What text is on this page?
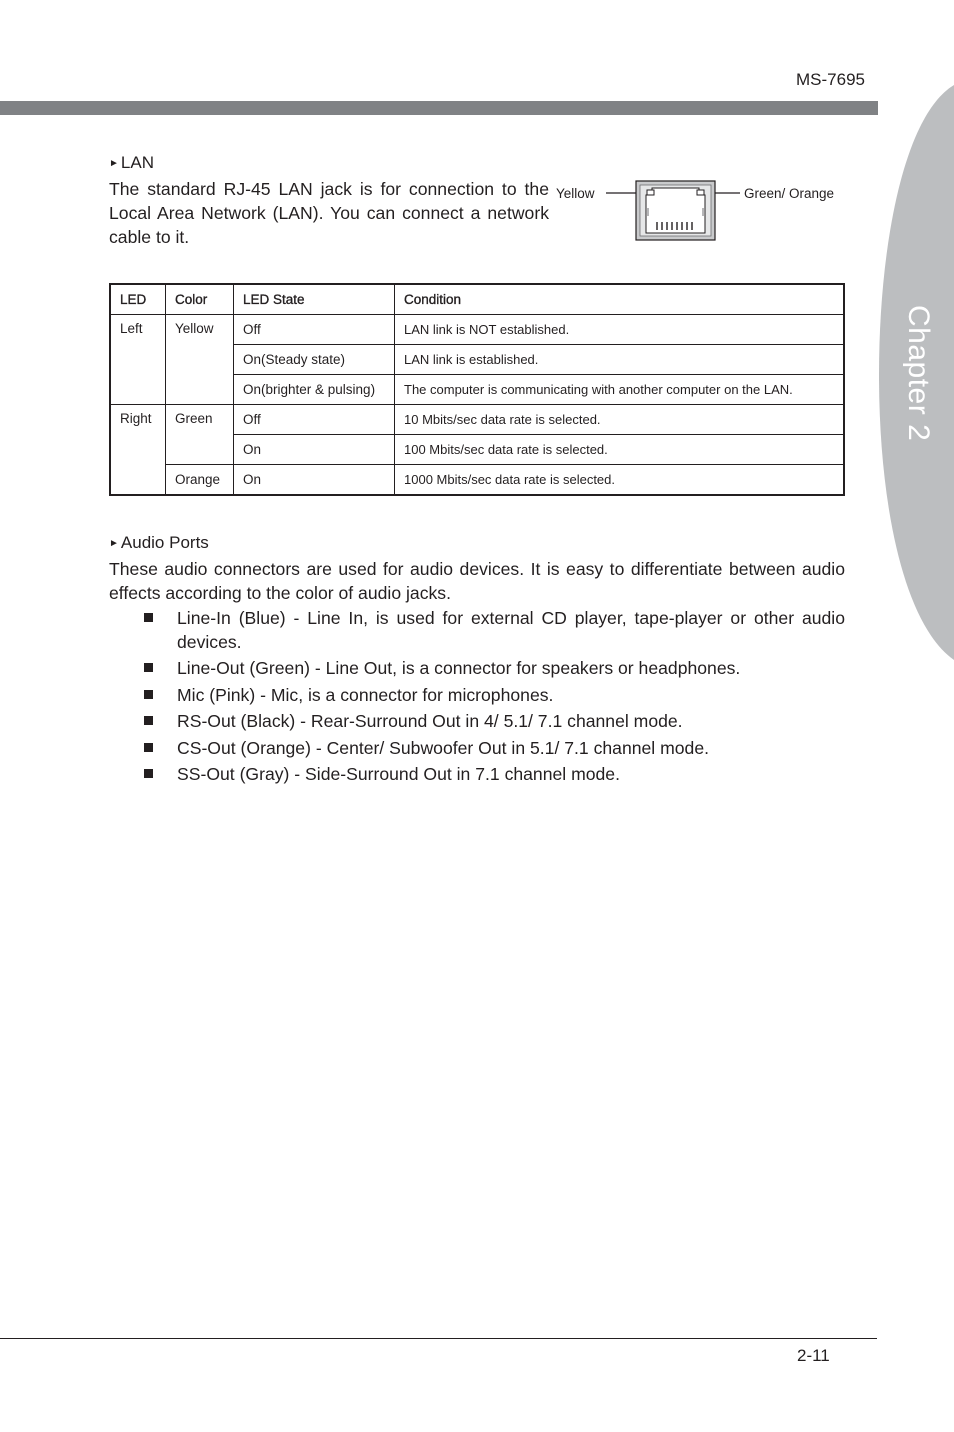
MS-7695
Chapter 2
► LAN
The standard RJ-45 LAN jack is for connection to the Local Area Network (LAN). You can connect a network cable to it.
Yellow	Green/ Orange
LED	Color	LED State	Condition
Left	Yellow	Off	LAN link is NOT established.
		On(Steady state)	LAN link is established.
		On(brighter & pulsing)	The computer is communicating with another computer on the LAN.
Right	Green	Off	10 Mbits/sec data rate is selected.
		On	100 Mbits/sec data rate is selected.
	Orange	On	1000 Mbits/sec data rate is selected.
► Audio Ports
These audio connectors are used for audio devices. It is easy to differentiate between audio effects according to the color of audio jacks.
Line-In (Blue) - Line In, is used for external CD player, tape-player or other audio devices.
Line-Out (Green) - Line Out, is a connector for speakers or headphones.
Mic (Pink) - Mic, is a connector for microphones.
RS-Out (Black) - Rear-Surround Out in 4/ 5.1/ 7.1 channel mode.
CS-Out (Orange) - Center/ Subwoofer Out in 5.1/ 7.1 channel mode.
SS-Out (Gray) - Side-Surround Out in 7.1 channel mode.
2-11
